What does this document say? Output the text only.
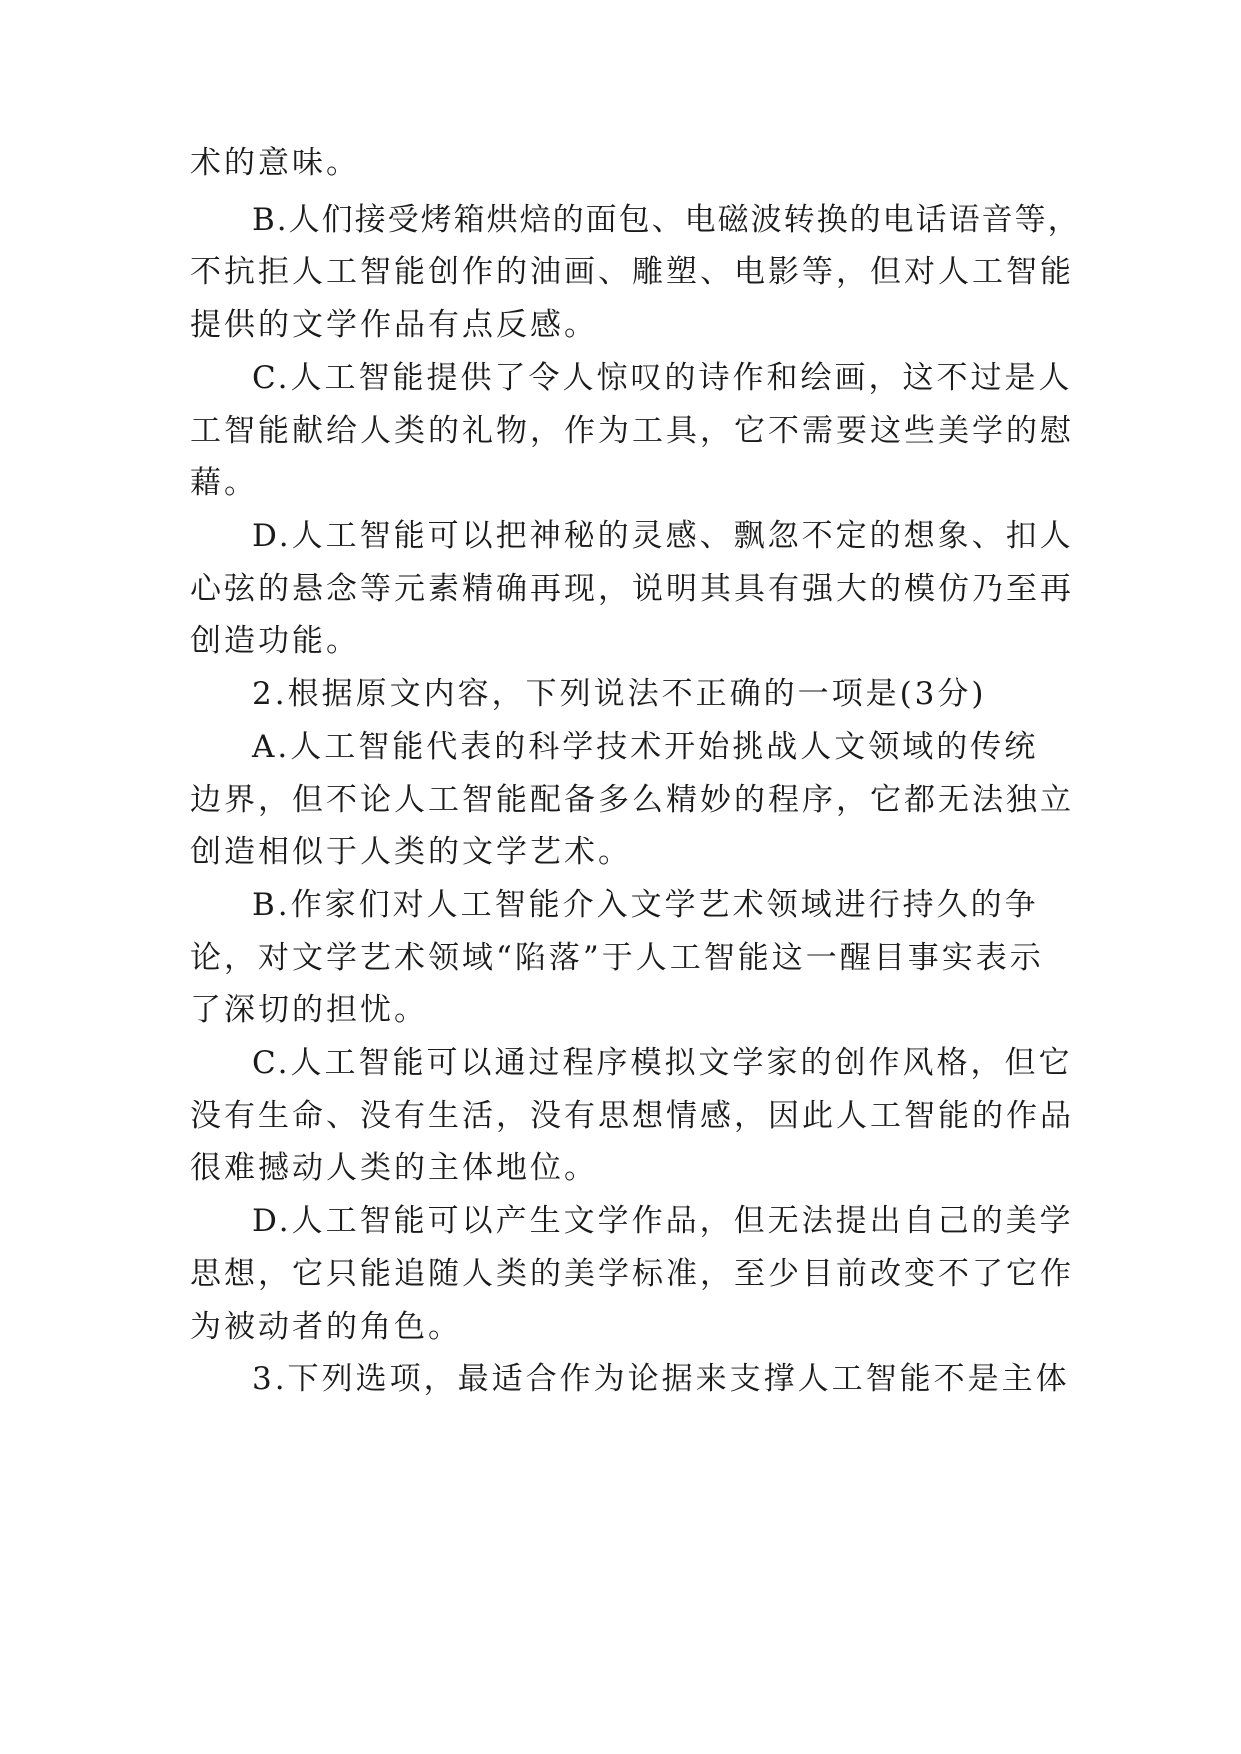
术的意味。

B.人们接受烤箱烘焙的面包、电磁波转换的电话语音等，

不抗拒人工智能创作的油画、雕塑、电影等，但对人工智能

提供的文学作品有点反感。

C.人工智能提供了令人惊叹的诗作和绘画，这不过是人

工智能献给人类的礼物，作为工具，它不需要这些美学的慰

藉。

D.人工智能可以把神秘的灵感、飘忽不定的想象、扣人

心弦的悬念等元素精确再现，说明其具有强大的模仿乃至再

创造功能。

2.根据原文内容，下列说法不正确的一项是(3分)

A.人工智能代表的科学技术开始挑战人文领域的传统

边界，但不论人工智能配备多么精妙的程序，它都无法独立

创造相似于人类的文学艺术。

B.作家们对人工智能介入文学艺术领域进行持久的争

论，对文学艺术领域“陷落”于人工智能这一醒目事实表示

了深切的担忧。

C.人工智能可以通过程序模拟文学家的创作风格，但它

没有生命、没有生活，没有思想情感，因此人工智能的作品

很难撼动人类的主体地位。

D.人工智能可以产生文学作品，但无法提出自己的美学

思想，它只能追随人类的美学标准，至少目前改变不了它作

为被动者的角色。

3.下列选项，最适合作为论据来支撑人工智能不是主体
